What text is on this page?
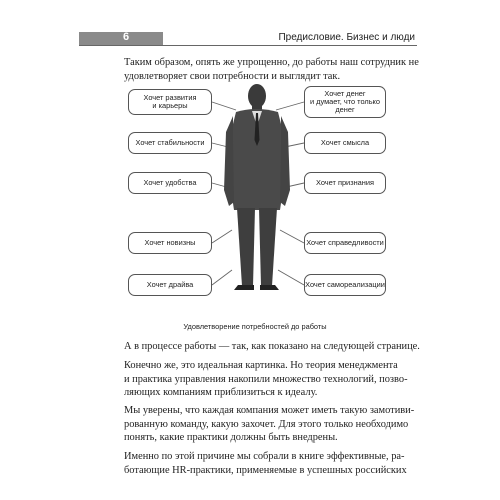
6	Предисловие. Бизнес и люди

Таким образом, опять же упрощенно, до работы наш сотрудник не
удовлетворяет свои потребности и выглядит так.

Хочет развития
и карьеры
Хочет стабильности
Хочет удобства
Хочет новизны
Хочет драйва
Хочет денег
и думает, что только
денег
Хочет смысла
Хочет признания
Хочет справедливости
Хочет самореализации
Удовлетворение потребностей до работы

А в процессе работы — так, как показано на следующей странице.

Конечно же, это идеальная картинка. Но теория менеджмента
и практика управления накопили множество технологий, позво-
ляющих компаниям приблизиться к идеалу.

Мы уверены, что каждая компания может иметь такую замотиви-
рованную команду, какую захочет. Для этого только необходимо
понять, какие практики должны быть внедрены.

Именно по этой причине мы собрали в книге эффективные, ра-
ботающие HR-практики, применяемые в успешных российских
